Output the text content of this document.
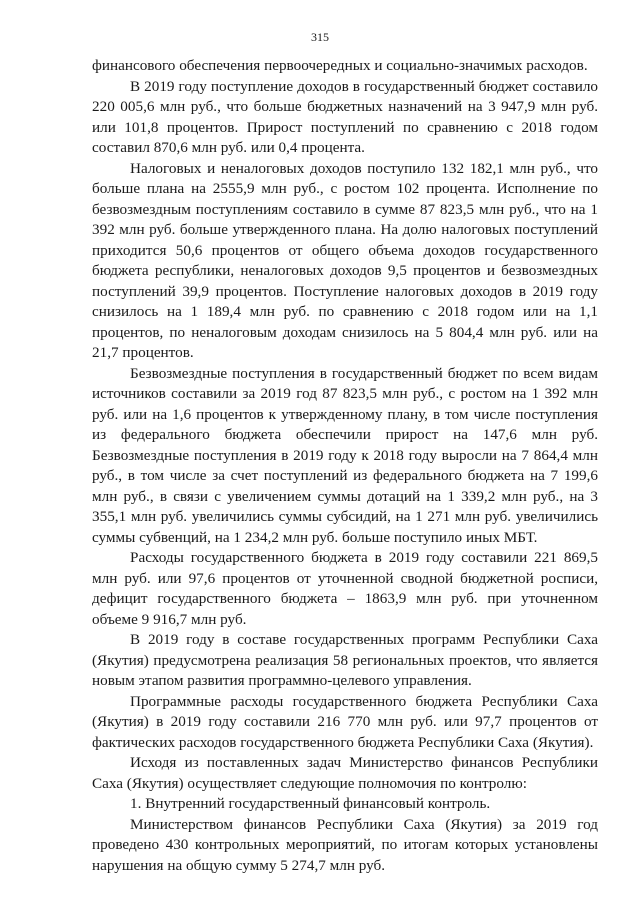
315

финансового обеспечения первоочередных и социально-значимых расходов.

В 2019 году поступление доходов в государственный бюджет составило 220 005,6 млн руб., что больше бюджетных назначений на 3 947,9 млн руб. или 101,8 процентов. Прирост поступлений по сравнению с 2018 годом составил 870,6 млн руб. или 0,4 процента.

Налоговых и неналоговых доходов поступило 132 182,1 млн руб., что больше плана на 2555,9 млн руб., с ростом 102 процента. Исполнение по безвозмездным поступлениям составило в сумме 87 823,5 млн руб., что на 1 392 млн руб. больше утвержденного плана. На долю налоговых поступлений приходится 50,6 процентов от общего объема доходов государственного бюджета республики, неналоговых доходов 9,5 процентов и безвозмездных поступлений 39,9 процентов. Поступление налоговых доходов в 2019 году снизилось на 1 189,4 млн руб. по сравнению с 2018 годом или на 1,1 процентов, по неналоговым доходам снизилось на 5 804,4 млн руб. или на 21,7 процентов.

Безвозмездные поступления в государственный бюджет по всем видам источников составили за 2019 год 87 823,5 млн руб., с ростом на 1 392 млн руб. или на 1,6 процентов к утвержденному плану, в том числе поступления из федерального бюджета обеспечили прирост на 147,6 млн руб. Безвозмездные поступления в 2019 году к 2018 году выросли на 7 864,4 млн руб., в том числе за счет поступлений из федерального бюджета на 7 199,6 млн руб., в связи с увеличением суммы дотаций на 1 339,2 млн руб., на 3 355,1 млн руб. увеличились суммы субсидий, на 1 271 млн руб. увеличились суммы субвенций, на 1 234,2 млн руб. больше поступило иных МБТ.

Расходы государственного бюджета в 2019 году составили 221 869,5 млн руб. или 97,6 процентов от уточненной сводной бюджетной росписи, дефицит государственного бюджета – 1863,9 млн руб. при уточненном объеме 9 916,7 млн руб.

В 2019 году в составе государственных программ Республики Саха (Якутия) предусмотрена реализация 58 региональных проектов, что является новым этапом развития программно-целевого управления.

Программные расходы государственного бюджета Республики Саха (Якутия) в 2019 году составили 216 770 млн руб. или 97,7 процентов от фактических расходов государственного бюджета Республики Саха (Якутия).

Исходя из поставленных задач Министерство финансов Республики Саха (Якутия) осуществляет следующие полномочия по контролю:

1. Внутренний государственный финансовый контроль.

Министерством финансов Республики Саха (Якутия) за 2019 год проведено 430 контрольных мероприятий, по итогам которых установлены нарушения на общую сумму 5 274,7 млн руб.
